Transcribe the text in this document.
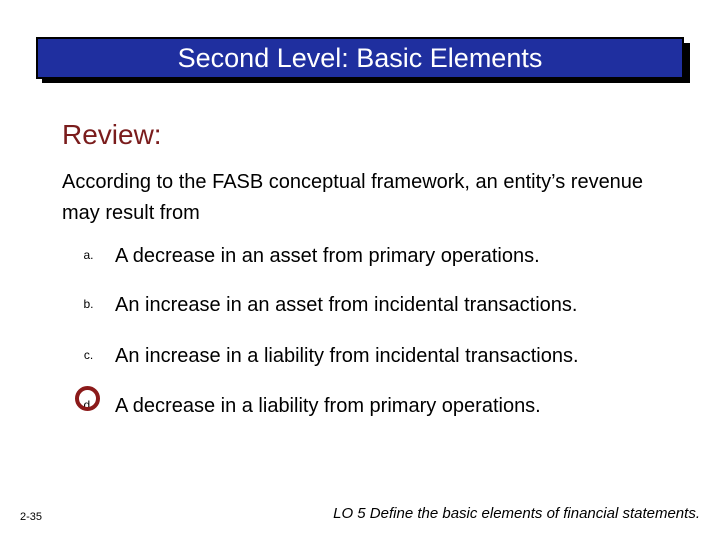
Second Level: Basic Elements
Review:
According to the FASB conceptual framework, an entity’s revenue may result from
a. A decrease in an asset from primary operations.
b. An increase in an asset from incidental transactions.
c. An increase in a liability from incidental transactions.
d. A decrease in a liability from primary operations.
2-35	LO 5 Define the basic elements of financial statements.
